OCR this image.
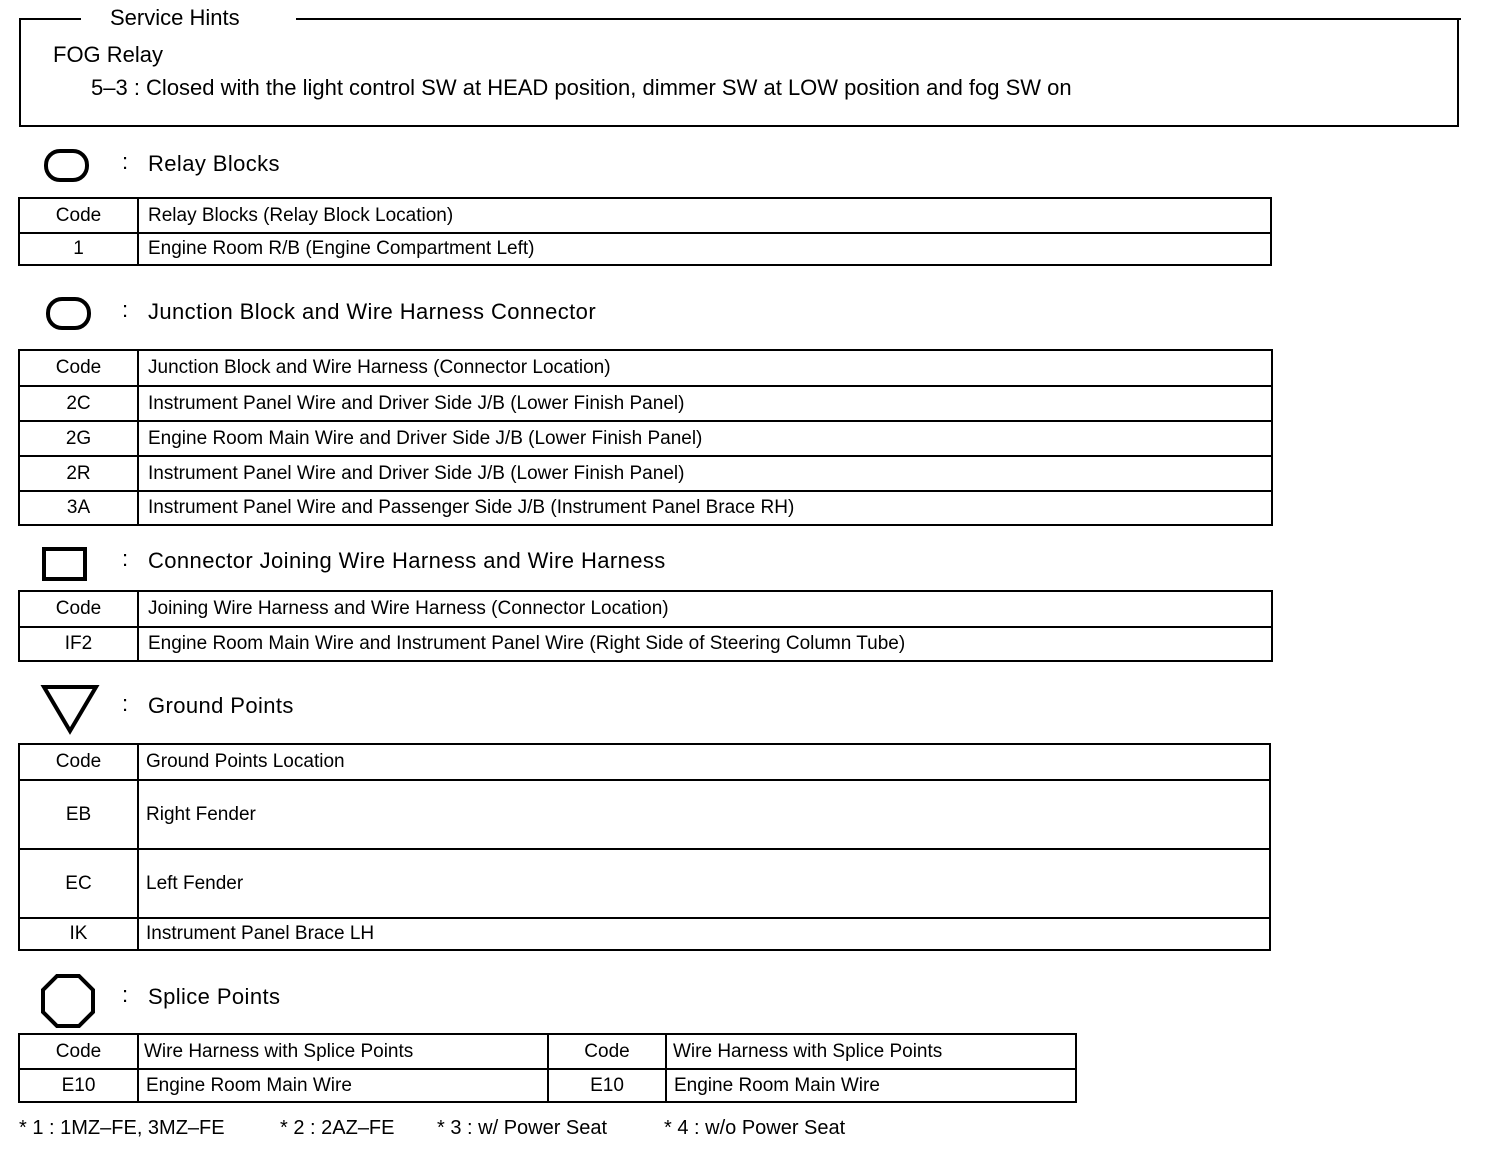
Service Hints
FOG Relay
5–3 : Closed with the light control SW at HEAD position, dimmer SW at LOW position and fog SW on
: Relay Blocks
Code	Relay Blocks (Relay Block Location)
1	Engine Room R/B (Engine Compartment Left)
: Junction Block and Wire Harness Connector
Code	Junction Block and Wire Harness (Connector Location)
2C	Instrument Panel Wire and Driver Side J/B (Lower Finish Panel)
2G	Engine Room Main Wire and Driver Side J/B (Lower Finish Panel)
2R	Instrument Panel Wire and Driver Side J/B (Lower Finish Panel)
3A	Instrument Panel Wire and Passenger Side J/B (Instrument Panel Brace RH)
: Connector Joining Wire Harness and Wire Harness
Code	Joining Wire Harness and Wire Harness (Connector Location)
IF2	Engine Room Main Wire and Instrument Panel Wire (Right Side of Steering Column Tube)
: Ground Points
Code	Ground Points Location
EB	Right Fender
EC	Left Fender
IK	Instrument Panel Brace LH
: Splice Points
Code	Wire Harness with Splice Points	Code	Wire Harness with Splice Points
E10	Engine Room Main Wire	E10	Engine Room Main Wire
* 1 : 1MZ–FE, 3MZ–FE	* 2 : 2AZ–FE * 3 : w/ Power Seat	* 4 : w/o Power Seat
